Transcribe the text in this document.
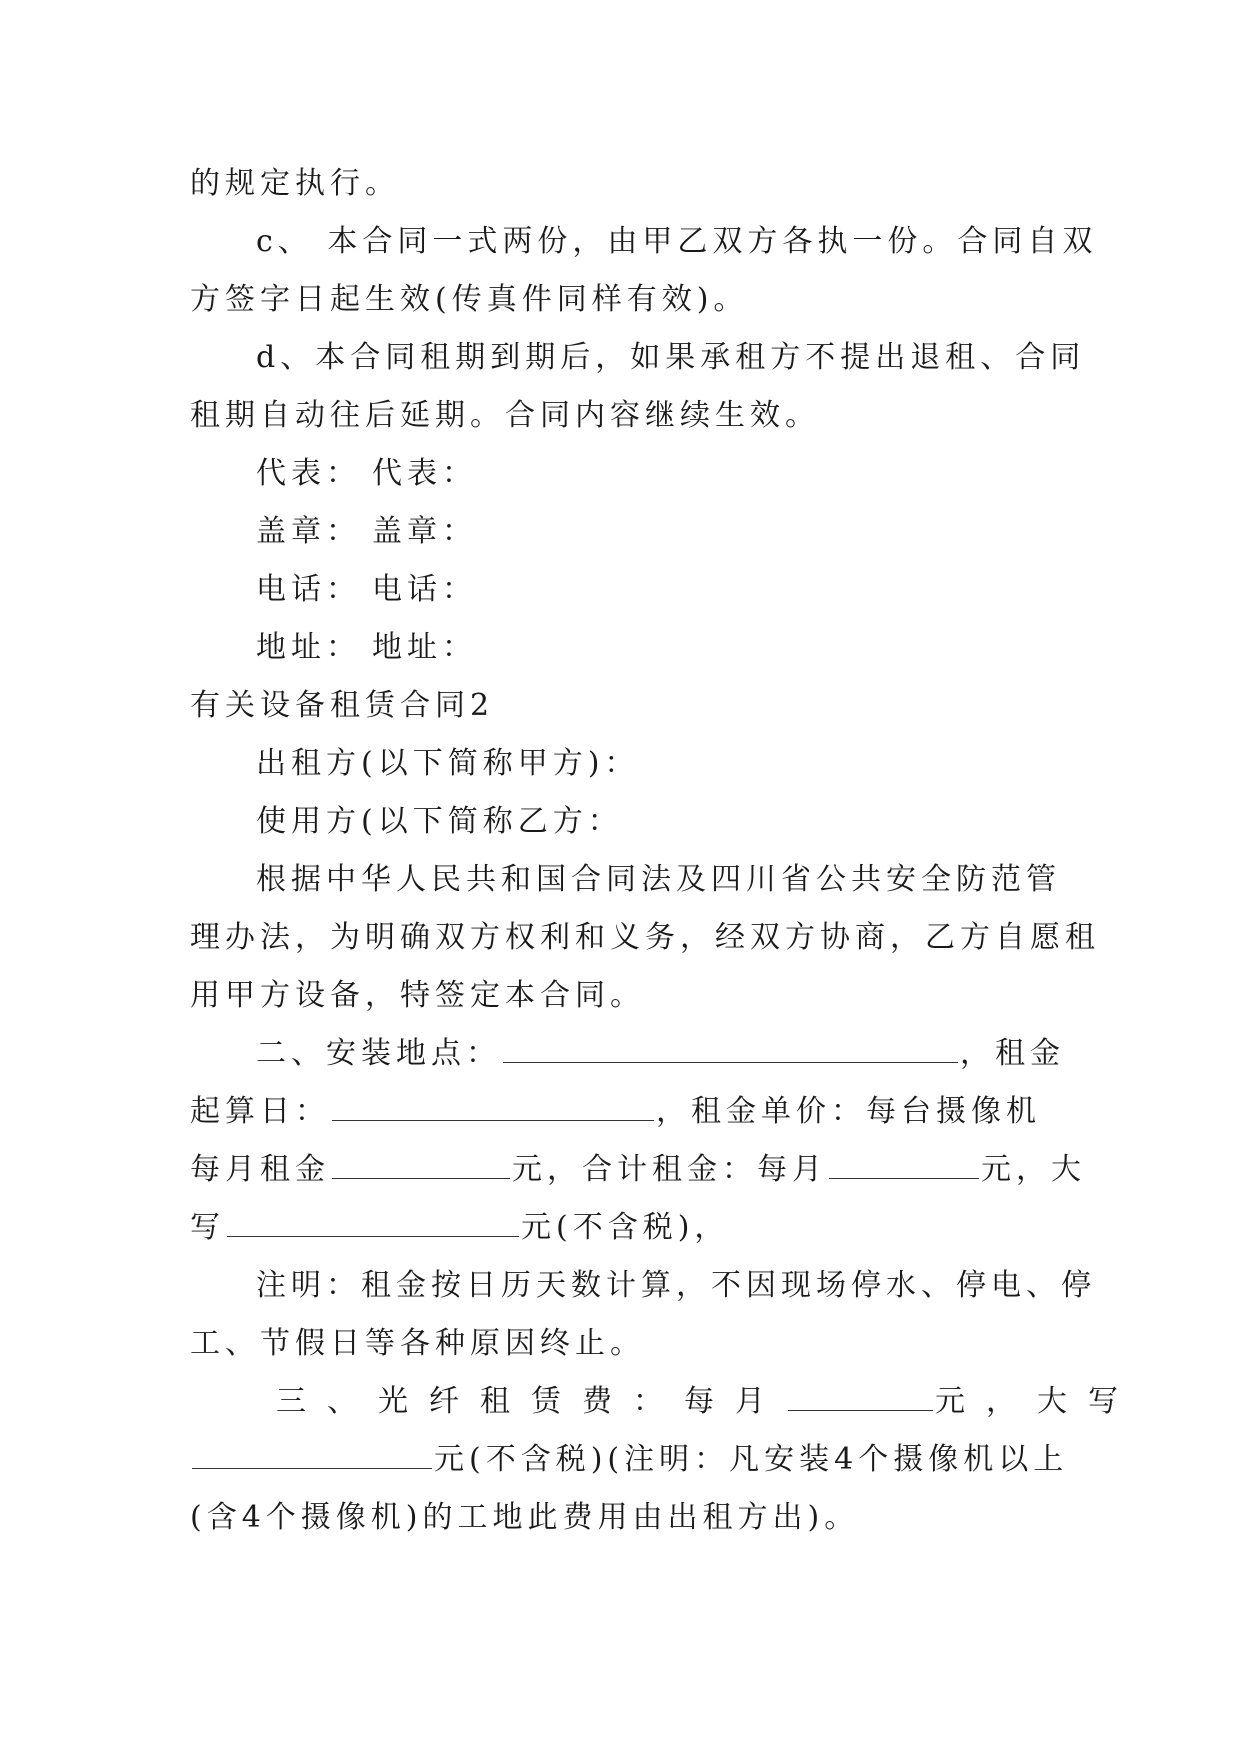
的规定执行。
c、 本合同一式两份，由甲乙双方各执一份。合同自双
方签字日起生效(传真件同样有效)。
d、本合同租期到期后，如果承租方不提出退租、合同
租期自动往后延期。合同内容继续生效。
代表： 代表：
盖章： 盖章：
电话： 电话：
地址： 地址：
有关设备租赁合同2
出租方(以下简称甲方)：
使用方(以下简称乙方：
根据中华人民共和国合同法及四川省公共安全防范管
理办法，为明确双方权利和义务，经双方协商，乙方自愿租
用甲方设备，特签定本合同。
二、安装地点：	，租金
起算日：	，租金单价：每台摄像机
每月租金	元，合计租金：每月	元，大
写	元(不含税)，
注明：租金按日历天数计算，不因现场停水、停电、停
工、节假日等各种原因终止。
三、光纤租赁费：每月	元，大写
元(不含税)(注明：凡安装4个摄像机以上
(含4个摄像机)的工地此费用由出租方出)。
